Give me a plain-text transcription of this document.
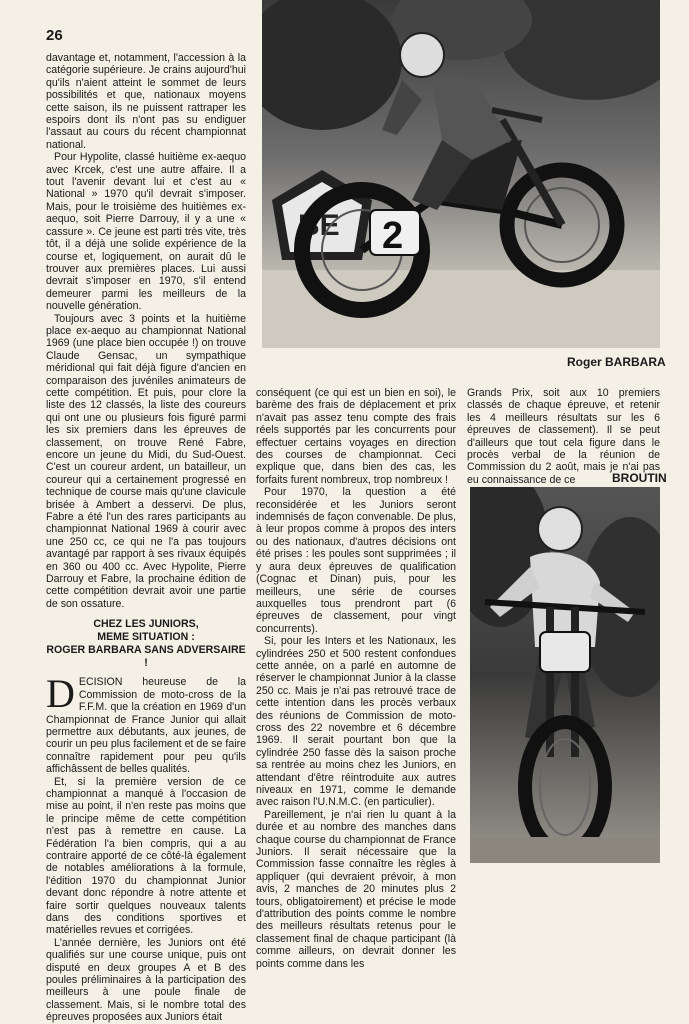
26

davantage et, notamment, l'accession à la catégorie supérieure. Je crains aujourd'hui qu'ils n'aient atteint le sommet de leurs possibilités et que, nationaux moyens cette saison, ils ne puissent rattraper les espoirs dont ils n'ont pas su endiguer l'assaut au cours du récent championnat national.

Pour Hypolite, classé huitième ex-aequo avec Krcek, c'est une autre affaire. Il a tout l'avenir devant lui et c'est au « National » 1970 qu'il devrait s'imposer. Mais, pour le troisième des huitièmes ex-aequo, soit Pierre Darrouy, il y a une « cassure ». Ce jeune est parti très vite, très tôt, il a déjà une solide expérience de la course et, logiquement, on aurait dû le trouver aux premières places. Lui aussi devrait s'imposer en 1970, s'il entend demeurer parmi les meilleurs de la nouvelle génération.

Toujours avec 3 points et la huitième place ex-aequo au championnat National 1969 (une place bien occupée !) on trouve Claude Gensac, un sympathique méridional qui fait déjà figure d'ancien en comparaison des juvéniles animateurs de cette compétition. Et puis, pour clore la liste des 12 classés, la liste des coureurs qui ont une ou plusieurs fois figuré parmi les six premiers dans les épreuves de classement, on trouve René Fabre, encore un jeune du Midi, du Sud-Ouest. C'est un coureur ardent, un batailleur, un coureur qui a certainement progressé en technique de course mais qu'une clavicule brisée à Ambert a desservi. De plus, Fabre a été l'un des rares participants au championnat National 1969 à courir avec une 250 cc, ce qui ne l'a pas toujours avantagé par rapport à ses rivaux équipés en 360 ou 400 cc. Avec Hypolite, Pierre Darrouy et Fabre, la prochaine édition de cette compétition devrait avoir une partie de son ossature.

CHEZ LES JUNIORS,
MEME SITUATION :
ROGER BARBARA SANS ADVERSAIRE !

DECISION heureuse de la Commission de moto-cross de la F.F.M. que la création en 1969 d'un Championnat de France Junior qui allait permettre aux débutants, aux jeunes, de courir un peu plus facilement et de se faire connaître rapidement pour peu qu'ils affichâssent de belles qualités.

Et, si la première version de ce championnat a manqué à l'occasion de mise au point, il n'en reste pas moins que le principe même de cette compétition n'est pas à remettre en cause. La Fédération l'a bien compris, qui a au contraire apporté de ce côté-là également de notables améliorations à la formule, l'édition 1970 du championnat Junior devant donc répondre à notre attente et faire sortir quelques nouveaux talents dans des conditions sportives et matérielles revues et corrigées.

L'année dernière, les Juniors ont été qualifiés sur une course unique, puis ont disputé en deux groupes A et B des poules préliminaires à la participation des meilleurs à une poule finale de classement. Mais, si le nombre total des épreuves proposées aux Juniors était

conséquent (ce qui est un bien en soi), le barème des frais de déplacement et prix n'avait pas assez tenu compte des frais réels supportés par les concurrents pour effectuer certains voyages en direction des courses de championnat. Ceci explique que, dans bien des cas, les forfaits furent nombreux, trop nombreux !

Pour 1970, la question a été reconsidérée et les Juniors seront indemnisés de façon convenable. De plus, à leur propos comme à propos des inters ou des nationaux, d'autres décisions ont été prises : les poules sont supprimées ; il y aura deux épreuves de qualification (Cognac et Dinan) puis, pour les meilleurs, une série de courses auxquelles tous prendront part (6 épreuves de classement, pour vingt concurrents).

Si, pour les Inters et les Nationaux, les cylindrées 250 et 500 restent confondues cette année, on a parlé en automne de réserver le championnat Junior à la classe 250 cc. Mais je n'ai pas retrouvé trace de cette intention dans les procès verbaux des réunions de Commission de moto-cross des 22 novembre et 6 décembre 1969. Il serait pourtant bon que la cylindrée 250 fasse dès la saison proche sa rentrée au moins chez les Juniors, en attendant d'être réintroduite aux autres niveaux en 1971, comme le demande avec raison l'U.N.M.C. (en particulier).

Pareillement, je n'ai rien lu quant à la durée et au nombre des manches dans chaque course du championnat de France Juniors. Il serait nécessaire que la Commission fasse connaître les règles à appliquer (qui devraient prévoir, à mon avis, 2 manches de 20 minutes plus 2 tours, obligatoirement) et précise le mode d'attribution des points comme le nombre des meilleurs résultats retenus pour le classement final de chaque participant (là comme ailleurs, on devrait donner les points comme dans les

Grands Prix, soit aux 10 premiers classés de chaque épreuve, et retenir les 4 meilleurs résultats sur les 6 épreuves de classement). Il se peut d'ailleurs que tout cela figure dans le procès verbal de la réunion de Commission du 2 août, mais je n'ai pas eu connaissance de ce

BE 2
Roger BARBARA
BROUTIN
